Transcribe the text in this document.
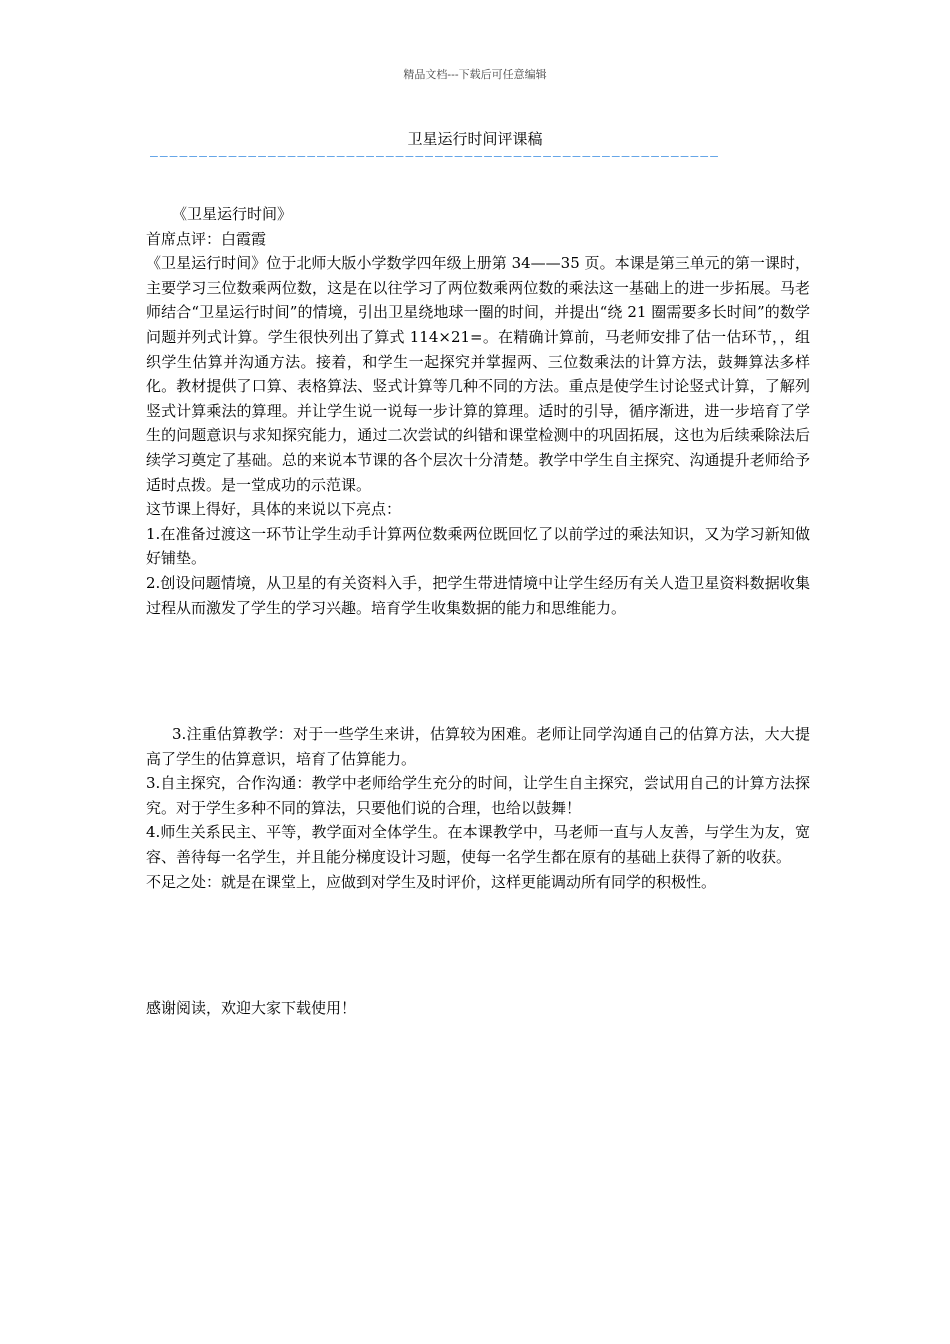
精品文档---下载后可任意编辑
卫星运行时间评课稿
——————————————————————————————————————————————————————————

《卫星运行时间》

首席点评：白霞霞

《卫星运行时间》位于北师大版小学数学四年级上册第 34——35 页。本课是第三单元的第一课时，主要学习三位数乘两位数，这是在以往学习了两位数乘两位数的乘法这一基础上的进一步拓展。马老师结合“卫星运行时间”的情境，引出卫星绕地球一圈的时间，并提出“绕 21 圈需要多长时间”的数学问题并列式计算。学生很快列出了算式 114×21=。在精确计算前，马老师安排了估一估环节，，组织学生估算并沟通方法。接着，和学生一起探究并掌握两、三位数乘法的计算方法，鼓舞算法多样化。教材提供了口算、表格算法、竖式计算等几种不同的方法。重点是使学生讨论竖式计算，了解列竖式计算乘法的算理。并让学生说一说每一步计算的算理。适时的引导，循序渐进，进一步培育了学生的问题意识与求知探究能力，通过二次尝试的纠错和课堂检测中的巩固拓展，这也为后续乘除法后续学习奠定了基础。总的来说本节课的各个层次十分清楚。教学中学生自主探究、沟通提升老师给予适时点拨。是一堂成功的示范课。

这节课上得好，具体的来说以下亮点：

1.在准备过渡这一环节让学生动手计算两位数乘两位既回忆了以前学过的乘法知识，又为学习新知做好铺垫。

2.创设问题情境，从卫星的有关资料入手，把学生带进情境中让学生经历有关人造卫星资料数据收集过程从而激发了学生的学习兴趣。培育学生收集数据的能力和思维能力。

3.注重估算教学：对于一些学生来讲，估算较为困难。老师让同学沟通自己的估算方法，大大提高了学生的估算意识，培育了估算能力。

3.自主探究，合作沟通：教学中老师给学生充分的时间，让学生自主探究，尝试用自己的计算方法探究。对于学生多种不同的算法，只要他们说的合理，也给以鼓舞！

4.师生关系民主、平等，教学面对全体学生。在本课教学中，马老师一直与人友善，与学生为友，宽容、善待每一名学生，并且能分梯度设计习题，使每一名学生都在原有的基础上获得了新的收获。

不足之处：就是在课堂上，应做到对学生及时评价，这样更能调动所有同学的积极性。

感谢阅读，欢迎大家下载使用！
